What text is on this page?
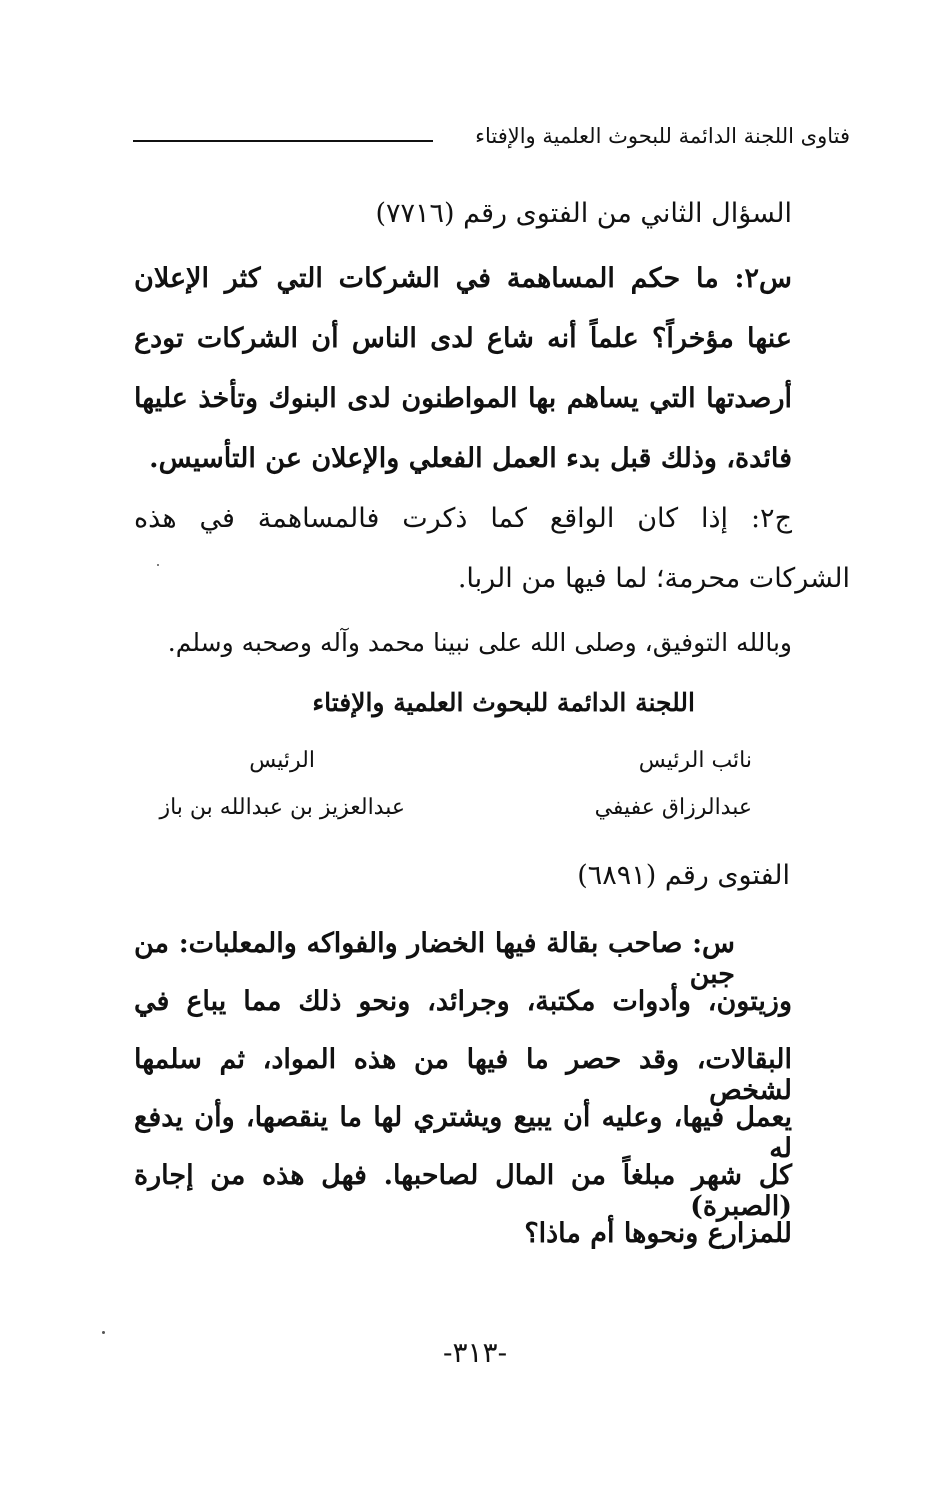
فتاوى اللجنة الدائمة للبحوث العلمية والإفتاء
السؤال الثاني من الفتوى رقم (٧٧١٦)
س٢: ما حكم المساهمة في الشركات التي كثر الإعلان
عنها مؤخراً؟ علماً أنه شاع لدى الناس أن الشركات تودع
أرصدتها التي يساهم بها المواطنون لدى البنوك وتأخذ عليها
فائدة، وذلك قبل بدء العمل الفعلي والإعلان عن التأسيس.
ج٢: إذا كان الواقع كما ذكرت فالمساهمة في هذه
الشركات محرمة؛ لما فيها من الربا.
وبالله التوفيق، وصلى الله على نبينا محمد وآله وصحبه وسلم.
اللجنة الدائمة للبحوث العلمية والإفتاء
الرئيس	نائب الرئيس
عبدالعزيز بن عبدالله بن باز	عبدالرزاق عفيفي
الفتوى رقم (٦٨٩١)
س: صاحب بقالة فيها الخضار والفواكه والمعلبات: من جبن
وزيتون، وأدوات مكتبة، وجرائد، ونحو ذلك مما يباع في
البقالات، وقد حصر ما فيها من هذه المواد، ثم سلمها لشخص
يعمل فيها، وعليه أن يبيع ويشتري لها ما ينقصها، وأن يدفع له
كل شهر مبلغاً من المال لصاحبها. فهل هذه من إجارة (الصبرة)
للمزارع ونحوها أم ماذا؟
-٣١٣-
